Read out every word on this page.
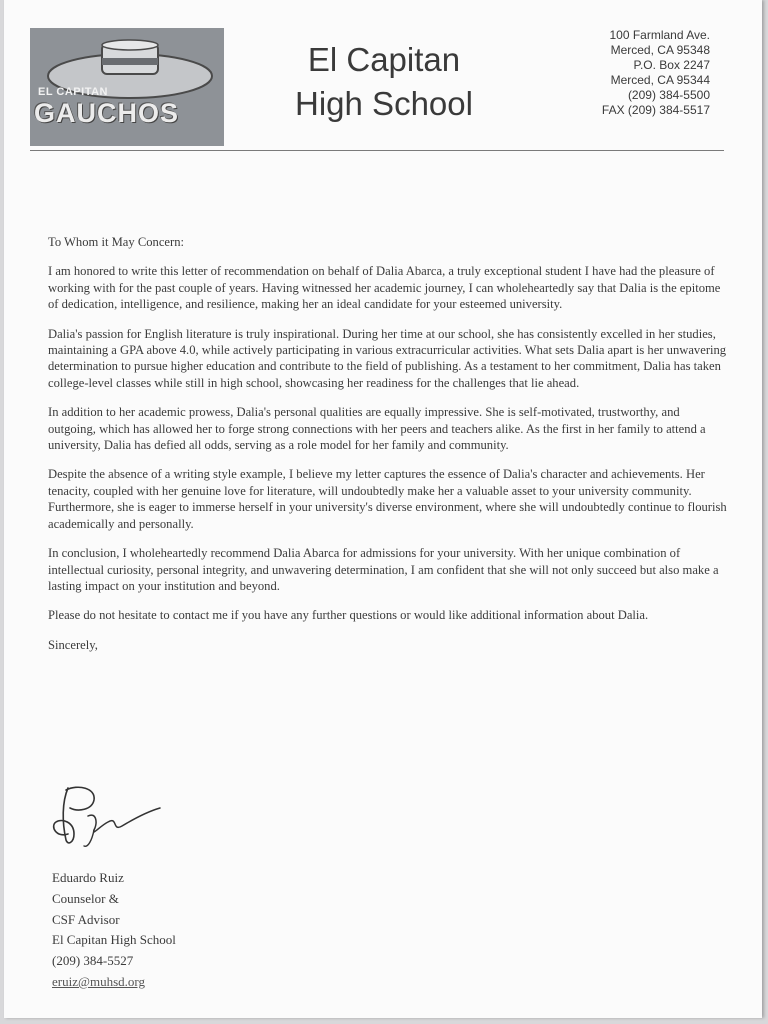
EL CAPITAN
GAUCHOS
El Capitan
High School
100 Farmland Ave.
Merced, CA 95348
P.O. Box 2247
Merced, CA 95344
(209) 384-5500
FAX (209) 384-5517

To Whom it May Concern:

I am honored to write this letter of recommendation on behalf of Dalia Abarca, a truly exceptional student I have had the pleasure of working with for the past couple of years. Having witnessed her academic journey, I can wholeheartedly say that Dalia is the epitome of dedication, intelligence, and resilience, making her an ideal candidate for your esteemed university.

Dalia's passion for English literature is truly inspirational. During her time at our school, she has consistently excelled in her studies, maintaining a GPA above 4.0, while actively participating in various extracurricular activities. What sets Dalia apart is her unwavering determination to pursue higher education and contribute to the field of publishing. As a testament to her commitment, Dalia has taken college-level classes while still in high school, showcasing her readiness for the challenges that lie ahead.

In addition to her academic prowess, Dalia's personal qualities are equally impressive. She is self-motivated, trustworthy, and outgoing, which has allowed her to forge strong connections with her peers and teachers alike. As the first in her family to attend a university, Dalia has defied all odds, serving as a role model for her family and community.

Despite the absence of a writing style example, I believe my letter captures the essence of Dalia's character and achievements. Her tenacity, coupled with her genuine love for literature, will undoubtedly make her a valuable asset to your university community. Furthermore, she is eager to immerse herself in your university's diverse environment, where she will undoubtedly continue to flourish academically and personally.

In conclusion, I wholeheartedly recommend Dalia Abarca for admissions for your university. With her unique combination of intellectual curiosity, personal integrity, and unwavering determination, I am confident that she will not only succeed but also make a lasting impact on your institution and beyond.

Please do not hesitate to contact me if you have any further questions or would like additional information about Dalia.

Sincerely,

Eduardo Ruiz
Counselor &
CSF Advisor
El Capitan High School
(209) 384-5527
eruiz@muhsd.org
